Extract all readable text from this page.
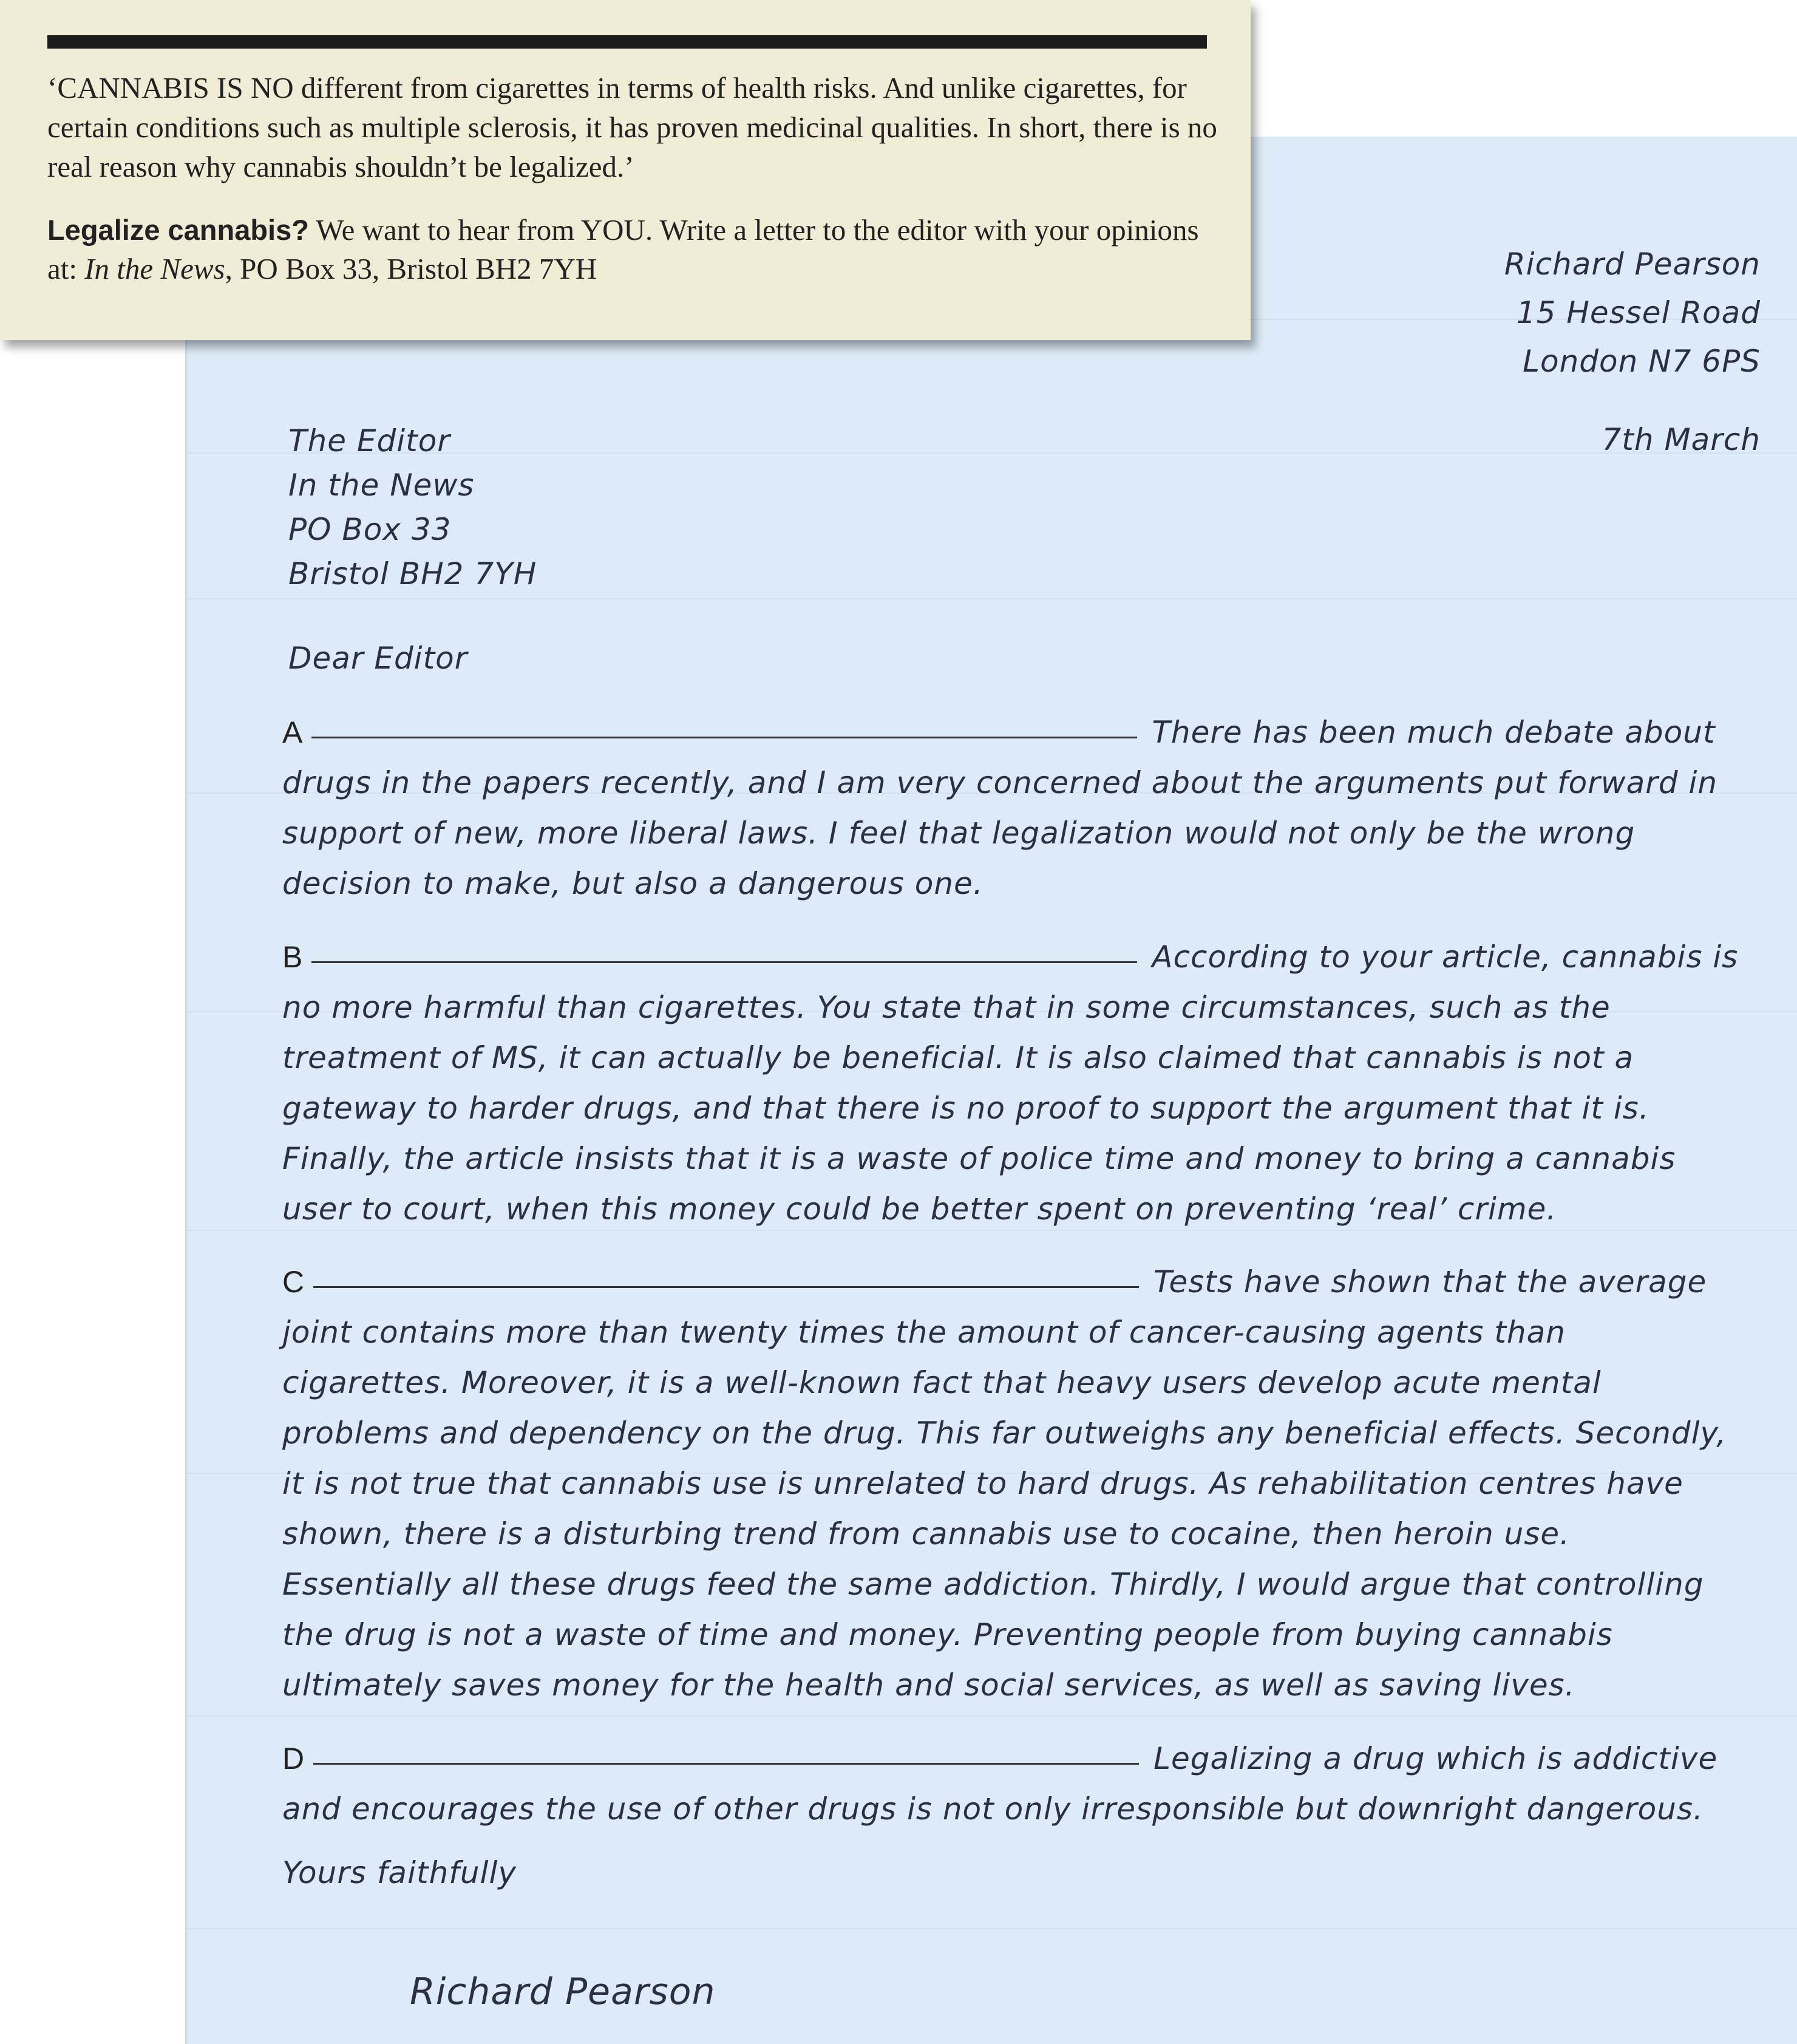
Richard Pearson
15 Hessel Road
London N7 6PS

7th March

The Editor
In the News
PO Box 33
Bristol BH2 7YH

Dear Editor

A	There has been much debate about drugs in the papers recently, and I am very concerned about the arguments put forward in support of new, more liberal laws. I feel that legalization would not only be the wrong decision to make, but also a dangerous one.

B	According to your article, cannabis is no more harmful than cigarettes. You state that in some circumstances, such as the treatment of MS, it can actually be beneficial. It is also claimed that cannabis is not a gateway to harder drugs, and that there is no proof to support the argument that it is. Finally, the article insists that it is a waste of police time and money to bring a cannabis user to court, when this money could be better spent on preventing ‘real’ crime.

C	Tests have shown that the average joint contains more than twenty times the amount of cancer-causing agents than cigarettes. Moreover, it is a well-known fact that heavy users develop acute mental problems and dependency on the drug. This far outweighs any beneficial effects. Secondly, it is not true that cannabis use is unrelated to hard drugs. As rehabilitation centres have shown, there is a disturbing trend from cannabis use to cocaine, then heroin use. Essentially all these drugs feed the same addiction. Thirdly, I would argue that controlling the drug is not a waste of time and money. Preventing people from buying cannabis ultimately saves money for the health and social services, as well as saving lives.

D	Legalizing a drug which is addictive and encourages the use of other drugs is not only irresponsible but downright dangerous.

Yours faithfully
Richard Pearson

‘CANNABIS IS NO different from cigarettes in terms of health risks. And unlike cigarettes, for certain conditions such as multiple sclerosis, it has proven medicinal qualities. In short, there is no real reason why cannabis shouldn’t be legalized.’

Legalize cannabis? We want to hear from YOU. Write a letter to the editor with your opinions at: In the News, PO Box 33, Bristol BH2 7YH
